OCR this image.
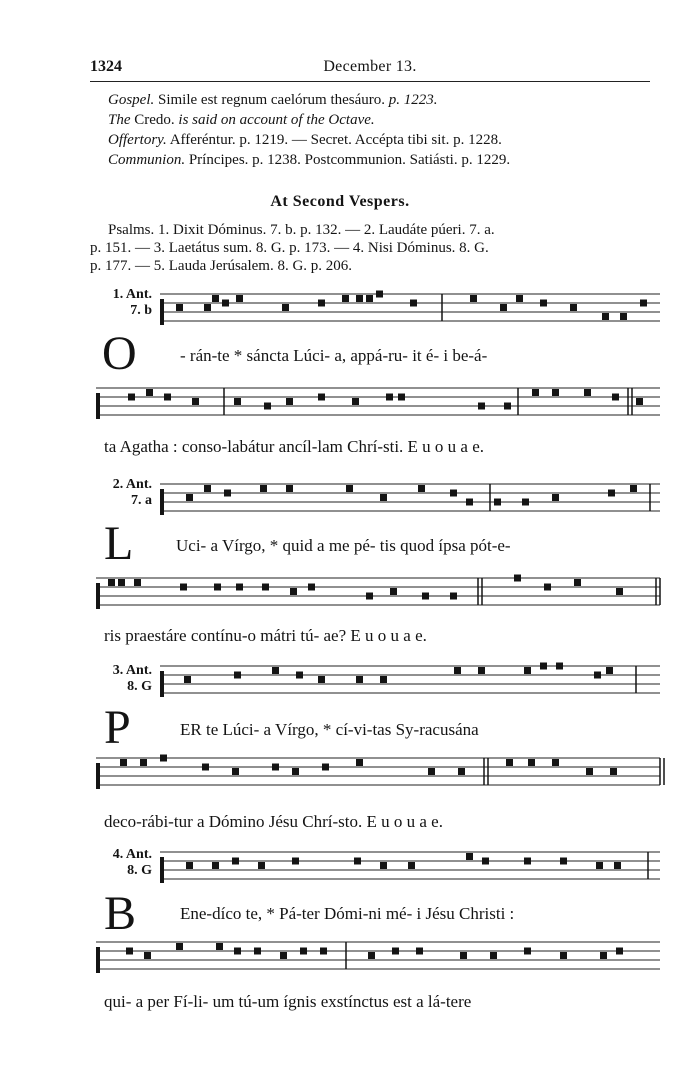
1324	December 13.
Gospel. Simile est regnum caelórum thesáuro. p. 1223.
The Credo. is said on account of the Octave.
Offertory. Afferéntur. p. 1219. — Secret. Accépta tibi sit. p. 1228.
Communion. Príncipes. p. 1238. Postcommunion. Satiásti. p. 1229.
At Second Vespers.
Psalms. 1. Dixit Dóminus. 7. b. p. 132. — 2. Laudáte púeri. 7. a.
p. 151. — 3. Laetátus sum. 8. G. p. 173. — 4. Nisi Dóminus. 8. G.
p. 177. — 5. Lauda Jerúsalem. 8. G. p. 206.
1. Ant.
7. b
O	- rán-te * sáncta Lúci- a, appá-ru- it é- i be-á-
ta Agatha : conso-labátur ancíl-lam Chrí-sti. E u o u a e.
2. Ant.
7. a
L	Uci- a Vírgo, * quid a me pé- tis quod ípsa pót-e-
ris praestáre contínu-o mátri tú- ae? E u o u a e.
3. Ant.
8. G
P	ER te Lúci- a Vírgo, * cí-vi-tas Sy-racusána
deco-rábi-tur a Dómino Jésu Chrí-sto. E u o u a e.
4. Ant.
8. G
B	Ene-díco te, * Pá-ter Dómi-ni mé- i Jésu Christi :
qui- a per Fí-li- um tú-um ígnis exstínctus est a lá-tere
